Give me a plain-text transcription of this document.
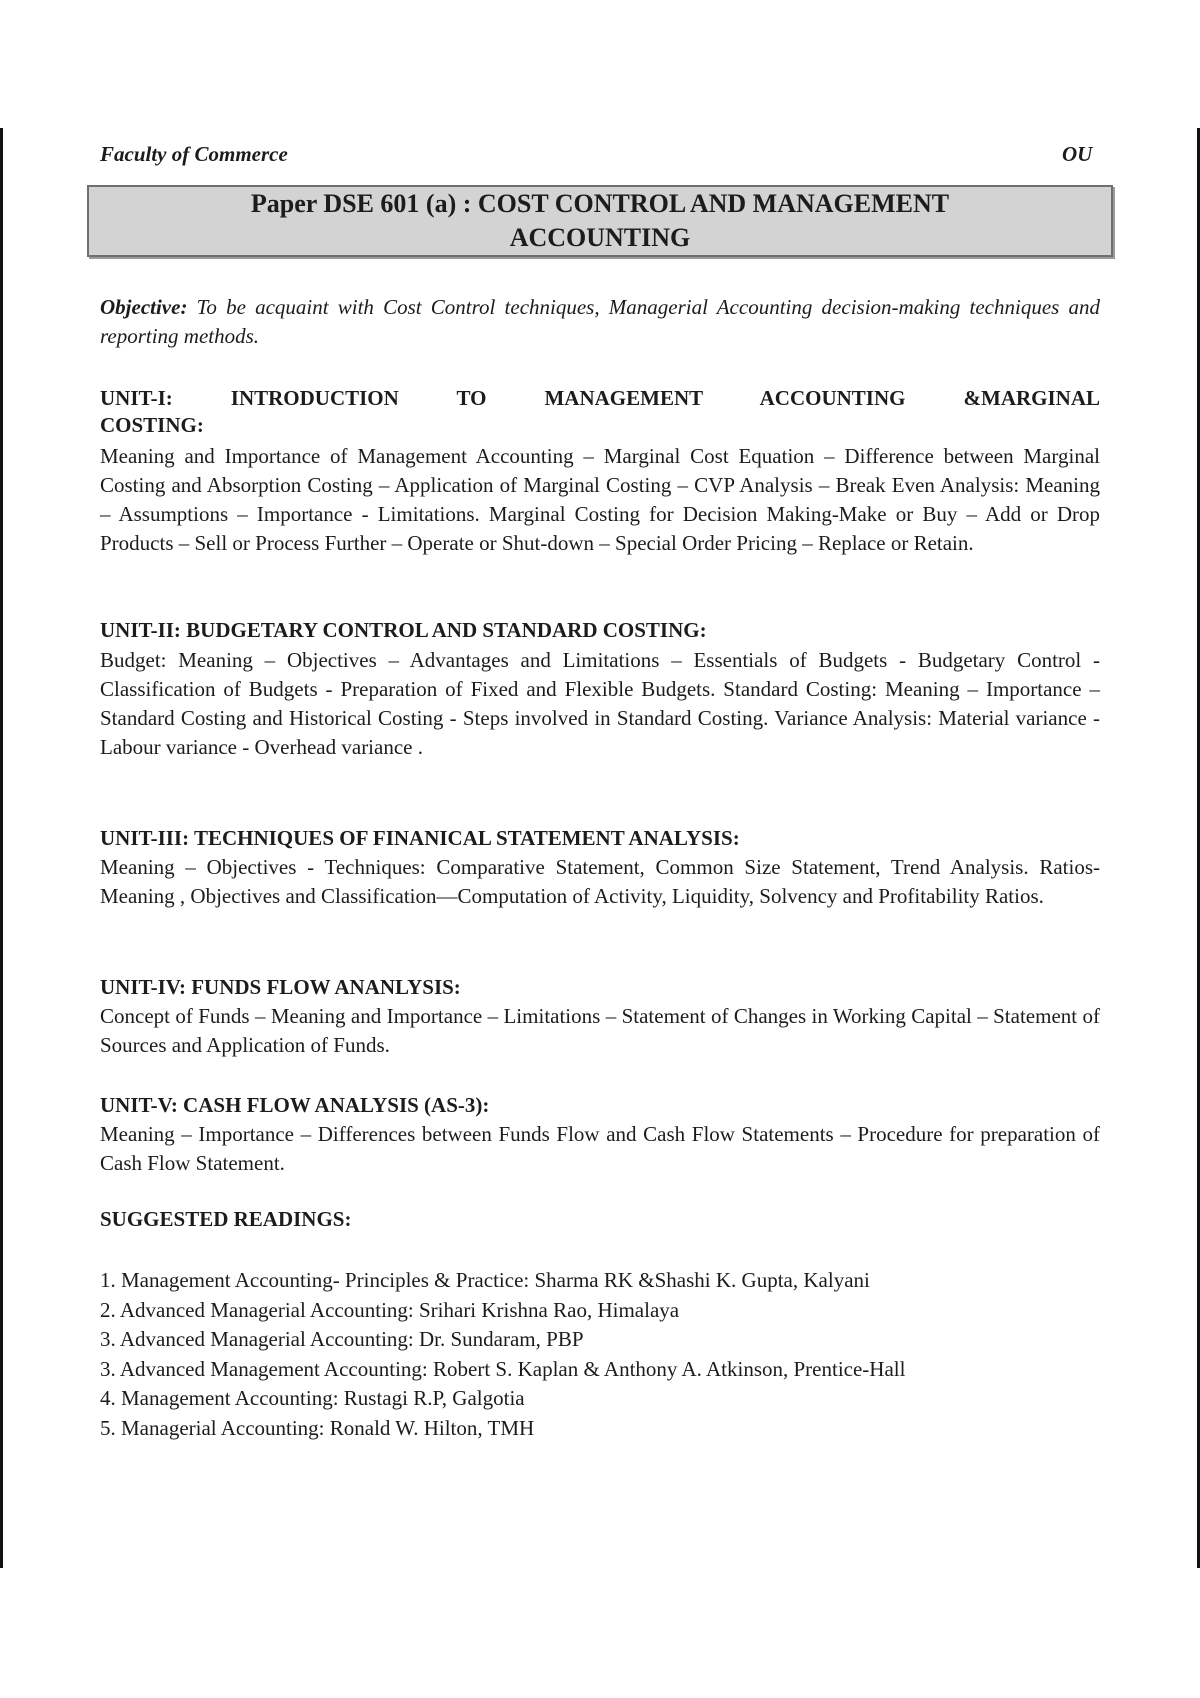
Faculty of Commerce	OU
Paper DSE 601 (a) : COST CONTROL AND MANAGEMENT
ACCOUNTING
Objective: To be acquaint with Cost Control techniques, Managerial Accounting decision-making techniques and reporting methods.
UNIT-I: INTRODUCTION TO MANAGEMENT ACCOUNTING &MARGINAL
COSTING:
Meaning and Importance of Management Accounting – Marginal Cost Equation – Difference between Marginal Costing and Absorption Costing – Application of Marginal Costing – CVP Analysis – Break Even Analysis: Meaning – Assumptions – Importance - Limitations. Marginal Costing for Decision Making-Make or Buy – Add or Drop Products – Sell or Process Further – Operate or Shut-down – Special Order Pricing – Replace or Retain.
UNIT-II: BUDGETARY CONTROL AND STANDARD COSTING:
Budget: Meaning – Objectives – Advantages and Limitations – Essentials of Budgets - Budgetary Control - Classification of Budgets - Preparation of Fixed and Flexible Budgets. Standard Costing: Meaning – Importance – Standard Costing and Historical Costing - Steps involved in Standard Costing. Variance Analysis: Material variance - Labour variance - Overhead variance .
UNIT-III: TECHNIQUES OF FINANICAL STATEMENT ANALYSIS:
Meaning – Objectives - Techniques: Comparative Statement, Common Size Statement, Trend Analysis. Ratios- Meaning , Objectives and Classification—Computation of Activity, Liquidity, Solvency and Profitability Ratios.
UNIT-IV: FUNDS FLOW ANANLYSIS:
Concept of Funds – Meaning and Importance – Limitations – Statement of Changes in Working Capital – Statement of Sources and Application of Funds.
UNIT-V: CASH FLOW ANALYSIS (AS-3):
Meaning – Importance – Differences between Funds Flow and Cash Flow Statements – Procedure for preparation of Cash Flow Statement.
SUGGESTED READINGS:
1. Management Accounting- Principles & Practice: Sharma RK &Shashi K. Gupta, Kalyani
2. Advanced Managerial Accounting: Srihari Krishna Rao, Himalaya
3. Advanced Managerial Accounting: Dr. Sundaram, PBP
3. Advanced Management Accounting: Robert S. Kaplan & Anthony A. Atkinson, Prentice-Hall
4. Management Accounting: Rustagi R.P, Galgotia
5. Managerial Accounting: Ronald W. Hilton, TMH
